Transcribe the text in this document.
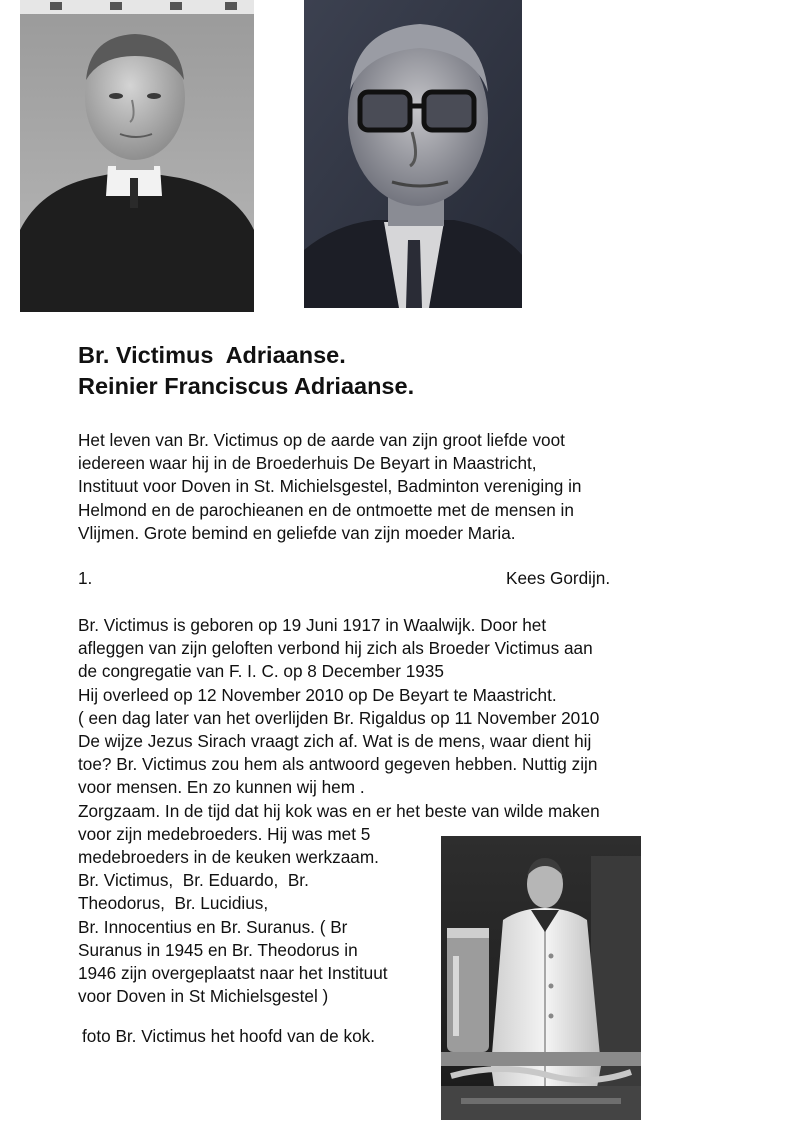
Br. Victimus  Adriaanse.
Reinier Franciscus Adriaanse.
Het leven van Br. Victimus op de aarde van zijn groot liefde voot
iedereen waar hij in de Broederhuis De Beyart in Maastricht,
Instituut voor Doven in St. Michielsgestel, Badminton vereniging in
Helmond en de parochieanen en de ontmoette met de mensen in
Vlijmen. Grote bemind en geliefde van zijn moeder Maria.
1.	Kees Gordijn.
Br. Victimus is geboren op 19 Juni 1917 in Waalwijk. Door het
afleggen van zijn geloften verbond hij zich als Broeder Victimus aan
de congregatie van F. I. C. op 8 December 1935
Hij overleed op 12 November 2010 op De Beyart te Maastricht.
( een dag later van het overlijden Br. Rigaldus op 11 November 2010
De wijze Jezus Sirach vraagt zich af. Wat is de mens, waar dient hij
toe? Br. Victimus zou hem als antwoord gegeven hebben. Nuttig zijn
voor mensen. En zo kunnen wij hem .
Zorgzaam. In de tijd dat hij kok was en er het beste van wilde maken
voor zijn medebroeders. Hij was met 5
medebroeders in de keuken werkzaam.
Br. Victimus,  Br. Eduardo,  Br.
Theodorus,  Br. Lucidius,
Br. Innocentius en Br. Suranus. ( Br
Suranus in 1945 en Br. Theodorus in
1946 zijn overgeplaatst naar het Instituut
voor Doven in St Michielsgestel )
foto Br. Victimus het hoofd van de kok.
